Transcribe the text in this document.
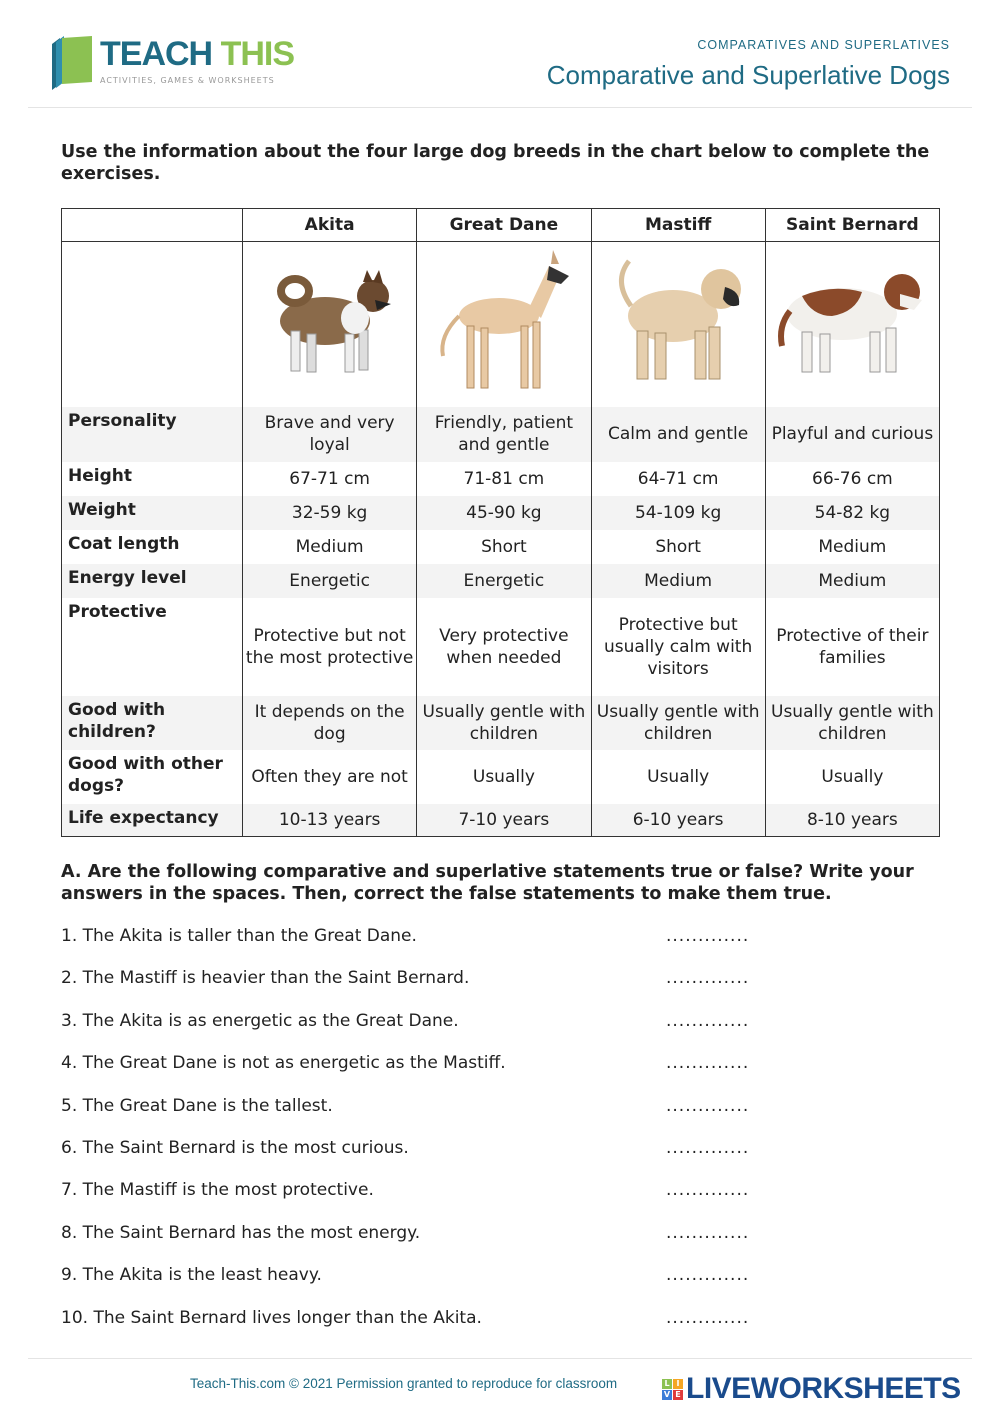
TEACH THIS
ACTIVITIES, GAMES & WORKSHEETS
COMPARATIVES AND SUPERLATIVES
Comparative and Superlative Dogs
Use the information about the four large dog breeds in the chart below to complete the exercises.
	Akita	Great Dane	Mastiff	Saint Bernard

Personality	Brave and very loyal	Friendly, patient and gentle	Calm and gentle	Playful and curious
Height	67-71 cm	71-81 cm	64-71 cm	66-76 cm
Weight	32-59 kg	45-90 kg	54-109 kg	54-82 kg
Coat length	Medium	Short	Short	Medium
Energy level	Energetic	Energetic	Medium	Medium
Protective	Protective but not the most protective	Very protective when needed	Protective but usually calm with visitors	Protective of their families
Good with children?	It depends on the dog	Usually gentle with children	Usually gentle with children	Usually gentle with children
Good with other dogs?	Often they are not	Usually	Usually	Usually
Life expectancy	10-13 years	7-10 years	6-10 years	8-10 years
A. Are the following comparative and superlative statements true or false? Write your answers in the spaces. Then, correct the false statements to make them true.
1. The Akita is taller than the Great Dane.	.............
2. The Mastiff is heavier than the Saint Bernard.	.............
3. The Akita is as energetic as the Great Dane.	.............
4. The Great Dane is not as energetic as the Mastiff.	.............
5. The Great Dane is the tallest.	.............
6. The Saint Bernard is the most curious.	.............
7. The Mastiff is the most protective.	.............
8. The Saint Bernard has the most energy.	.............
9. The Akita is the least heavy.	.............
10. The Saint Bernard lives longer than the Akita.	.............
Teach-This.com © 2021 Permission granted to reproduce for classroom	L I
V E LIVEWORKSHEETS
